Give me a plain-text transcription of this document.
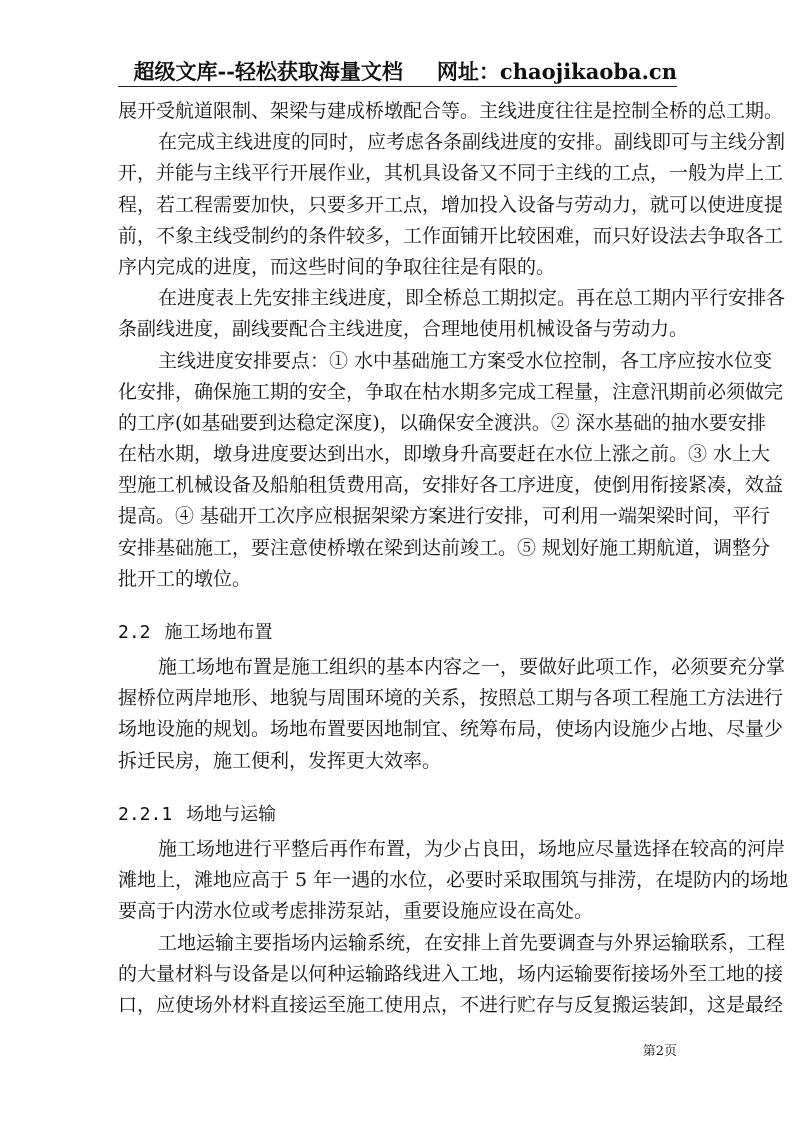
超级文库--轻松获取海量文档 网址：chaojikaoba.cn
展开受航道限制、架梁与建成桥墩配合等。主线进度往往是控制全桥的总工期。
在完成主线进度的同时，应考虑各条副线进度的安排。副线即可与主线分割
开，并能与主线平行开展作业，其机具设备又不同于主线的工点，一般为岸上工
程，若工程需要加快，只要多开工点，增加投入设备与劳动力，就可以使进度提
前，不象主线受制约的条件较多，工作面铺开比较困难，而只好设法去争取各工
序内完成的进度，而这些时间的争取往往是有限的。
在进度表上先安排主线进度，即全桥总工期拟定。再在总工期内平行安排各
条副线进度，副线要配合主线进度，合理地使用机械设备与劳动力。
主线进度安排要点：① 水中基础施工方案受水位控制，各工序应按水位变
化安排，确保施工期的安全，争取在枯水期多完成工程量，注意汛期前必须做完
的工序(如基础要到达稳定深度)，以确保安全渡洪。② 深水基础的抽水要安排
在枯水期，墩身进度要达到出水，即墩身升高要赶在水位上涨之前。③ 水上大
型施工机械设备及船舶租赁费用高，安排好各工序进度，使倒用衔接紧凑，效益
提高。④ 基础开工次序应根据架梁方案进行安排，可利用一端架梁时间，平行
安排基础施工，要注意使桥墩在梁到达前竣工。⑤ 规划好施工期航道，调整分
批开工的墩位。
2.2 施工场地布置
施工场地布置是施工组织的基本内容之一，要做好此项工作，必须要充分掌
握桥位两岸地形、地貌与周围环境的关系，按照总工期与各项工程施工方法进行
场地设施的规划。场地布置要因地制宜、统筹布局，使场内设施少占地、尽量少
拆迁民房，施工便利，发挥更大效率。
2.2.1 场地与运输
施工场地进行平整后再作布置，为少占良田，场地应尽量选择在较高的河岸
滩地上，滩地应高于 5 年一遇的水位，必要时采取围筑与排涝，在堤防内的场地
要高于内涝水位或考虑排涝泵站，重要设施应设在高处。
工地运输主要指场内运输系统，在安排上首先要调查与外界运输联系，工程
的大量材料与设备是以何种运输路线进入工地，场内运输要衔接场外至工地的接
口，应使场外材料直接运至施工使用点，不进行贮存与反复搬运装卸，这是最经
第2页
